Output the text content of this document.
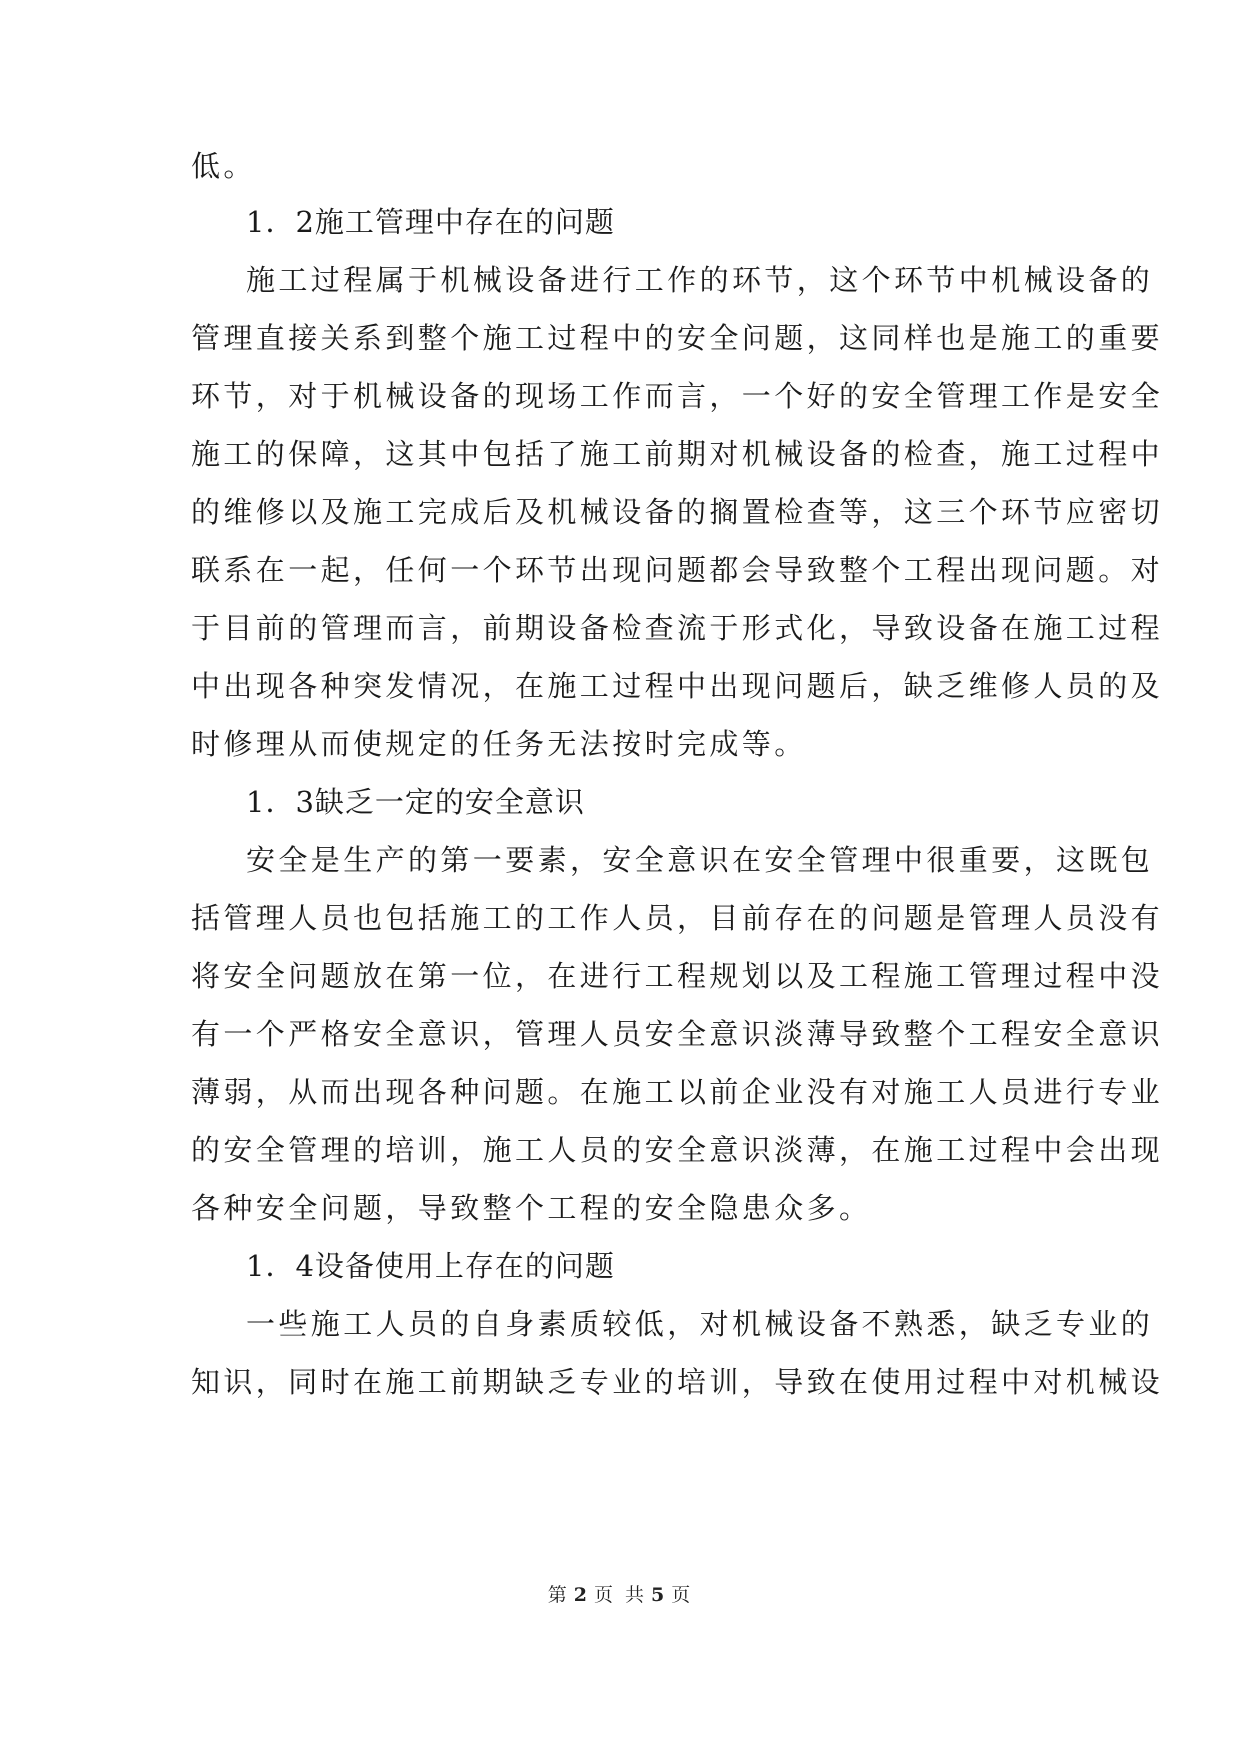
低。
1．2施工管理中存在的问题
施工过程属于机械设备进行工作的环节，这个环节中机械设备的
管理直接关系到整个施工过程中的安全问题，这同样也是施工的重要
环节，对于机械设备的现场工作而言，一个好的安全管理工作是安全
施工的保障，这其中包括了施工前期对机械设备的检查，施工过程中
的维修以及施工完成后及机械设备的搁置检查等，这三个环节应密切
联系在一起，任何一个环节出现问题都会导致整个工程出现问题。对
于目前的管理而言，前期设备检查流于形式化，导致设备在施工过程
中出现各种突发情况，在施工过程中出现问题后，缺乏维修人员的及
时修理从而使规定的任务无法按时完成等。
1．3缺乏一定的安全意识
安全是生产的第一要素，安全意识在安全管理中很重要，这既包
括管理人员也包括施工的工作人员，目前存在的问题是管理人员没有
将安全问题放在第一位，在进行工程规划以及工程施工管理过程中没
有一个严格安全意识，管理人员安全意识淡薄导致整个工程安全意识
薄弱，从而出现各种问题。在施工以前企业没有对施工人员进行专业
的安全管理的培训，施工人员的安全意识淡薄，在施工过程中会出现
各种安全问题，导致整个工程的安全隐患众多。
1．4设备使用上存在的问题
一些施工人员的自身素质较低，对机械设备不熟悉，缺乏专业的
知识，同时在施工前期缺乏专业的培训，导致在使用过程中对机械设
第 2 页 共 5 页
